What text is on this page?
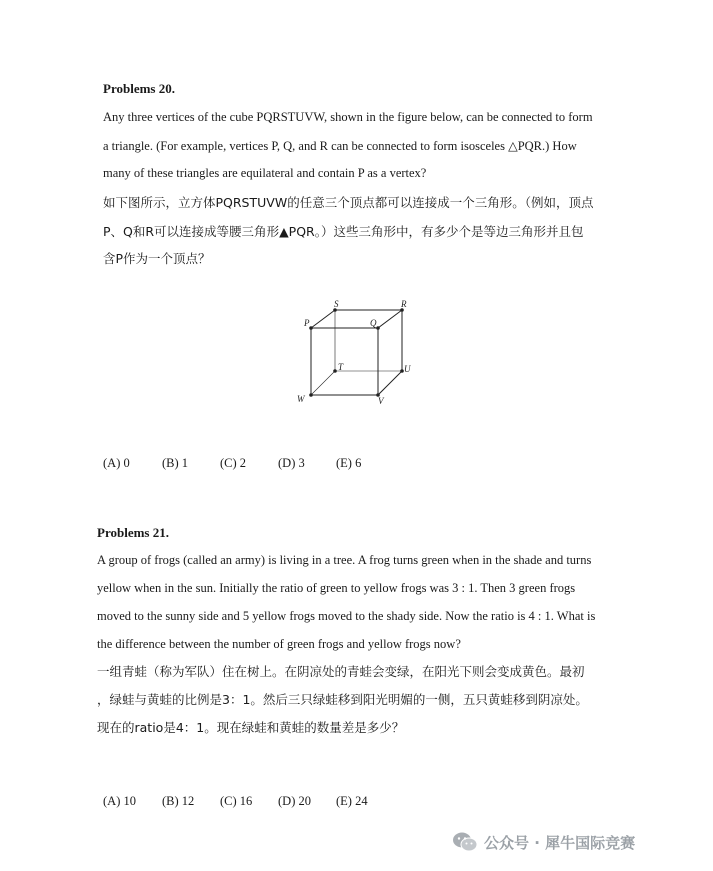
Problems 20.
Any three vertices of the cube PQRSTUVW, shown in the figure below, can be connected to form
a triangle. (For example, vertices P, Q, and R can be connected to form isosceles △PQR.) How
many of these triangles are equilateral and contain P as a vertex?
如下图所示，立方体PQRSTUVW的任意三个顶点都可以连接成一个三角形。（例如，顶点
P、Q和R可以连接成等腰三角形▲PQR。）这些三角形中，有多少个是等边三角形并且包
含P作为一个顶点？
S	R
P	Q
T	U
W	V
(A) 0	(B) 1	(C) 2	(D) 3	(E) 6
Problems 21.
A group of frogs (called an army) is living in a tree. A frog turns green when in the shade and turns
yellow when in the sun. Initially the ratio of green to yellow frogs was 3 : 1. Then 3 green frogs
moved to the sunny side and 5 yellow frogs moved to the shady side. Now the ratio is 4 : 1. What is
the difference between the number of green frogs and yellow frogs now?
一组青蛙（称为军队）住在树上。在阴凉处的青蛙会变绿，在阳光下则会变成黄色。最初
，绿蛙与黄蛙的比例是3：1。然后三只绿蛙移到阳光明媚的一侧，五只黄蛙移到阴凉处。
现在的ratio是4：1。现在绿蛙和黄蛙的数量差是多少？
(A) 10 (B) 12 (C) 16 (D) 20 (E) 24
公众号 · 犀牛国际竞赛
